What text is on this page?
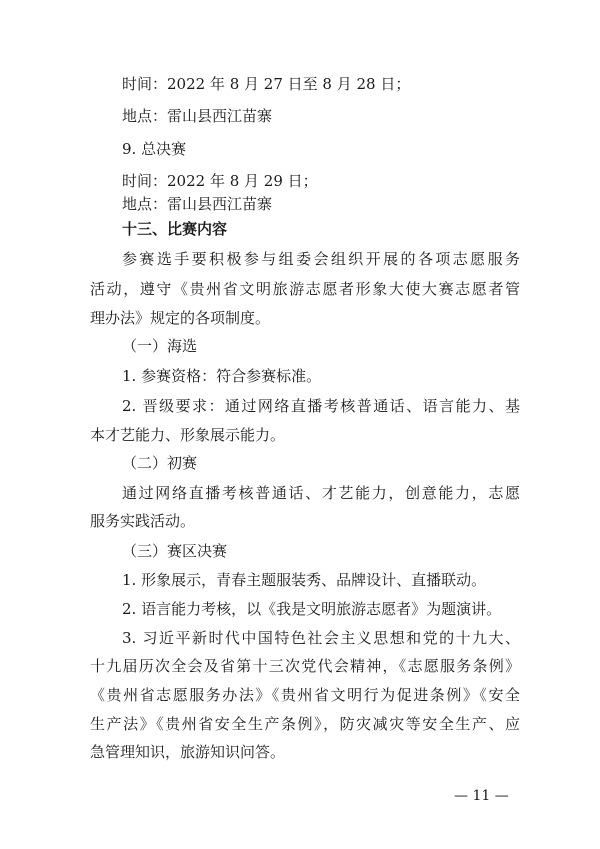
时间：2022 年 8 月 27 日至 8 月 28 日；
地点：雷山县西江苗寨
9. 总决赛
时间：2022 年 8 月 29 日；
地点：雷山县西江苗寨
十三、比赛内容
参赛选手要积极参与组委会组织开展的各项志愿服务
活动，遵守《贵州省文明旅游志愿者形象大使大赛志愿者管
理办法》规定的各项制度。
（一）海选
1. 参赛资格：符合参赛标准。
2. 晋级要求：通过网络直播考核普通话、语言能力、基
本才艺能力、形象展示能力。
（二）初赛
通过网络直播考核普通话、才艺能力，创意能力，志愿
服务实践活动。
（三）赛区决赛
1. 形象展示，青春主题服装秀、品牌设计、直播联动。
2. 语言能力考核，以《我是文明旅游志愿者》为题演讲。
3. 习近平新时代中国特色社会主义思想和党的十九大、
十九届历次全会及省第十三次党代会精神，《志愿服务条例》
《贵州省志愿服务办法》《贵州省文明行为促进条例》《安全
生产法》《贵州省安全生产条例》，防灾减灾等安全生产、应
急管理知识，旅游知识问答。
— 11 —
